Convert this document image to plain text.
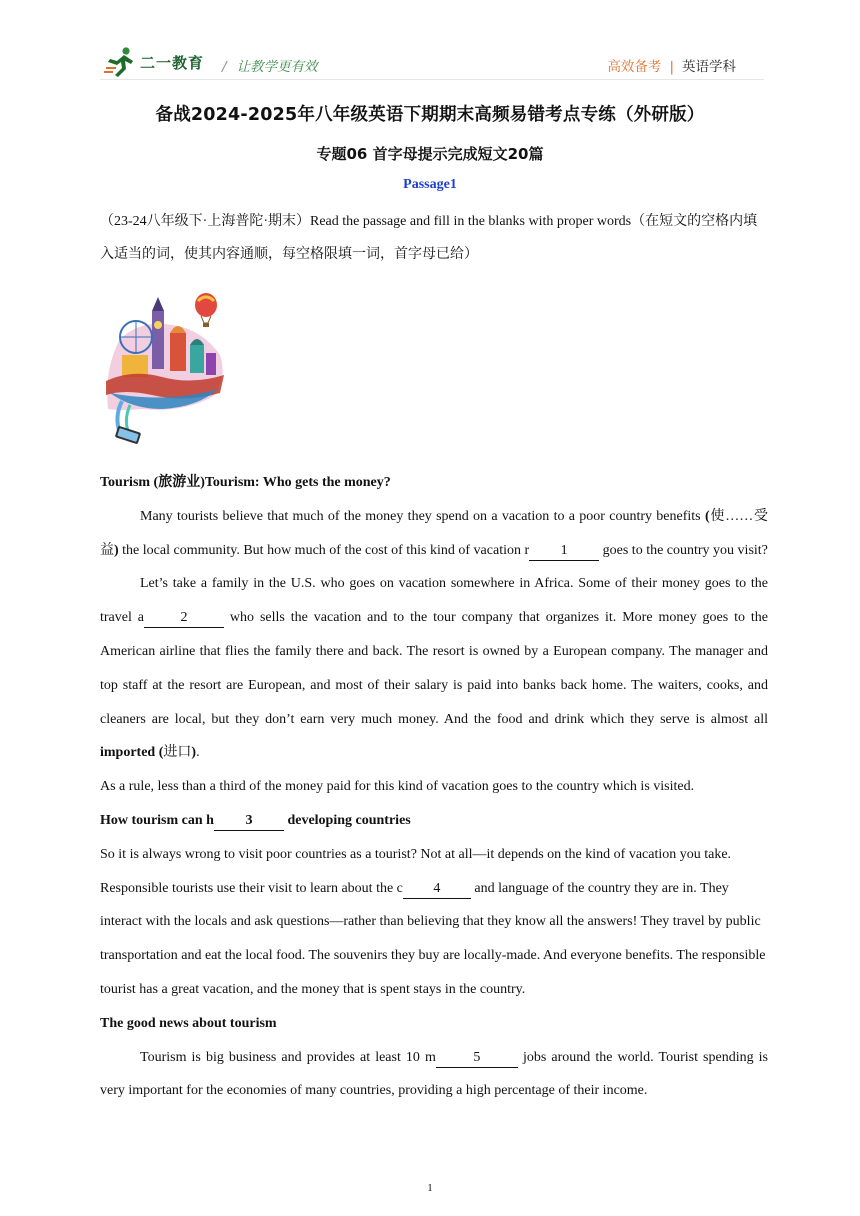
二一教育 / 让教学更有效	高效备考 | 英语学科
备战2024-2025年八年级英语下期期末高频易错考点专练（外研版）
专题06 首字母提示完成短文20篇
Passage1

（23-24八年级下·上海普陀·期末）Read the passage and fill in the blanks with proper words（在短文的空格内填入适当的词，使其内容通顺，每空格限填一词，首字母已给）

Tourism (旅游业)Tourism: Who gets the money?

Many tourists believe that much of the money they spend on a vacation to a poor country benefits (使……受益) the local community. But how much of the cost of this kind of vacation r 1 goes to the country you visit?

Let’s take a family in the U.S. who goes on vacation somewhere in Africa. Some of their money goes to the travel a	2	who sells the vacation and to the tour company that organizes it. More money goes to the American airline that flies the family there and back. The resort is owned by a European company. The manager and top staff at the resort are European, and most of their salary is paid into banks back home. The waiters, cooks, and cleaners are local, but they don’t earn very much money. And the food and drink which they serve is almost all imported (进口).

As a rule, less than a third of the money paid for this kind of vacation goes to the country which is visited.

How tourism can h 3 developing countries

So it is always wrong to visit poor countries as a tourist? Not at all—it depends on the kind of vacation you take. Responsible tourists use their visit to learn about the c 4 and language of the country they are in. They interact with the locals and ask questions—rather than believing that they know all the answers! They travel by public transportation and eat the local food. The souvenirs they buy are locally-made. And everyone benefits. The responsible tourist has a great vacation, and the money that is spent stays in the country.

The good news about tourism

Tourism is big business and provides at least 10 m	5	jobs around the world. Tourist spending is very important for the economies of many countries, providing a high percentage of their income.

1
